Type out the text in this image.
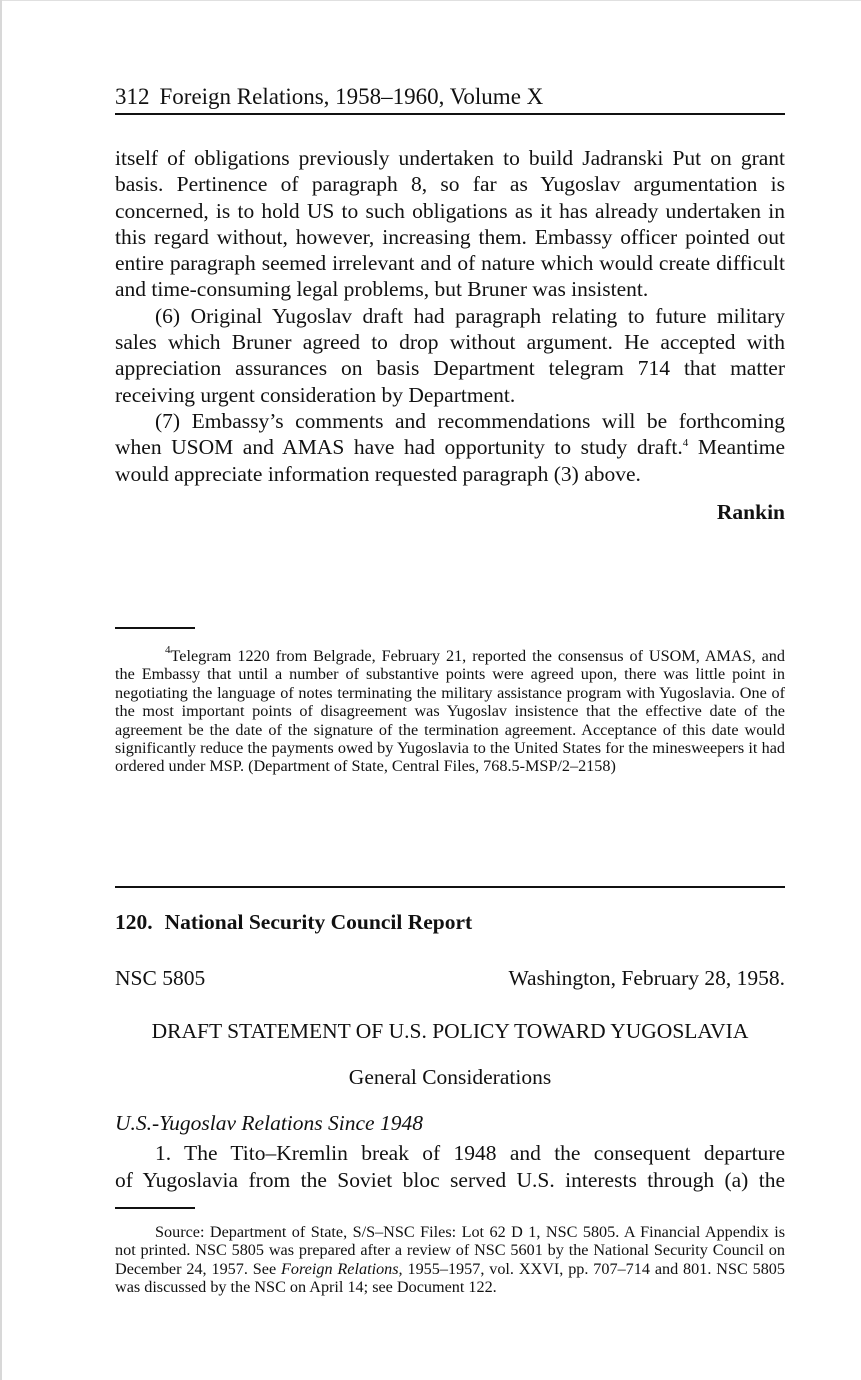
312 Foreign Relations, 1958–1960, Volume X

itself of obligations previously undertaken to build Jadranski Put on grant basis. Pertinence of paragraph 8, so far as Yugoslav argumentation is concerned, is to hold US to such obligations as it has already undertaken in this regard without, however, increasing them. Embassy officer pointed out entire paragraph seemed irrelevant and of nature which would create difficult and time-consuming legal problems, but Bruner was insistent.

(6) Original Yugoslav draft had paragraph relating to future military sales which Bruner agreed to drop without argument. He accepted with appreciation assurances on basis Department telegram 714 that matter receiving urgent consideration by Department.

(7) Embassy’s comments and recommendations will be forthcoming when USOM and AMAS have had opportunity to study draft.$^4$ Meantime would appreciate information requested paragraph (3) above.

Rankin

$^4$Telegram 1220 from Belgrade, February 21, reported the consensus of USOM, AMAS, and the Embassy that until a number of substantive points were agreed upon, there was little point in negotiating the language of notes terminating the military assistance program with Yugoslavia. One of the most important points of disagreement was Yugoslav insistence that the effective date of the agreement be the date of the signature of the termination agreement. Acceptance of this date would significantly reduce the payments owed by Yugoslavia to the United States for the minesweepers it had ordered under MSP. (Department of State, Central Files, 768.5-MSP/2–2158)

120. National Security Council Report
NSC 5805	Washington, February 28, 1958.
DRAFT STATEMENT OF U.S. POLICY TOWARD YUGOSLAVIA
General Considerations
U.S.-Yugoslav Relations Since 1948

1. The Tito–Kremlin break of 1948 and the consequent departure

of Yugoslavia from the Soviet bloc served U.S. interests through (a) the

Source: Department of State, S/S–NSC Files: Lot 62 D 1, NSC 5805. A Financial Appendix is not printed. NSC 5805 was prepared after a review of NSC 5601 by the National Security Council on December 24, 1957. See Foreign Relations, 1955–1957, vol. XXVI, pp. 707–714 and 801. NSC 5805 was discussed by the NSC on April 14; see Document 122.
